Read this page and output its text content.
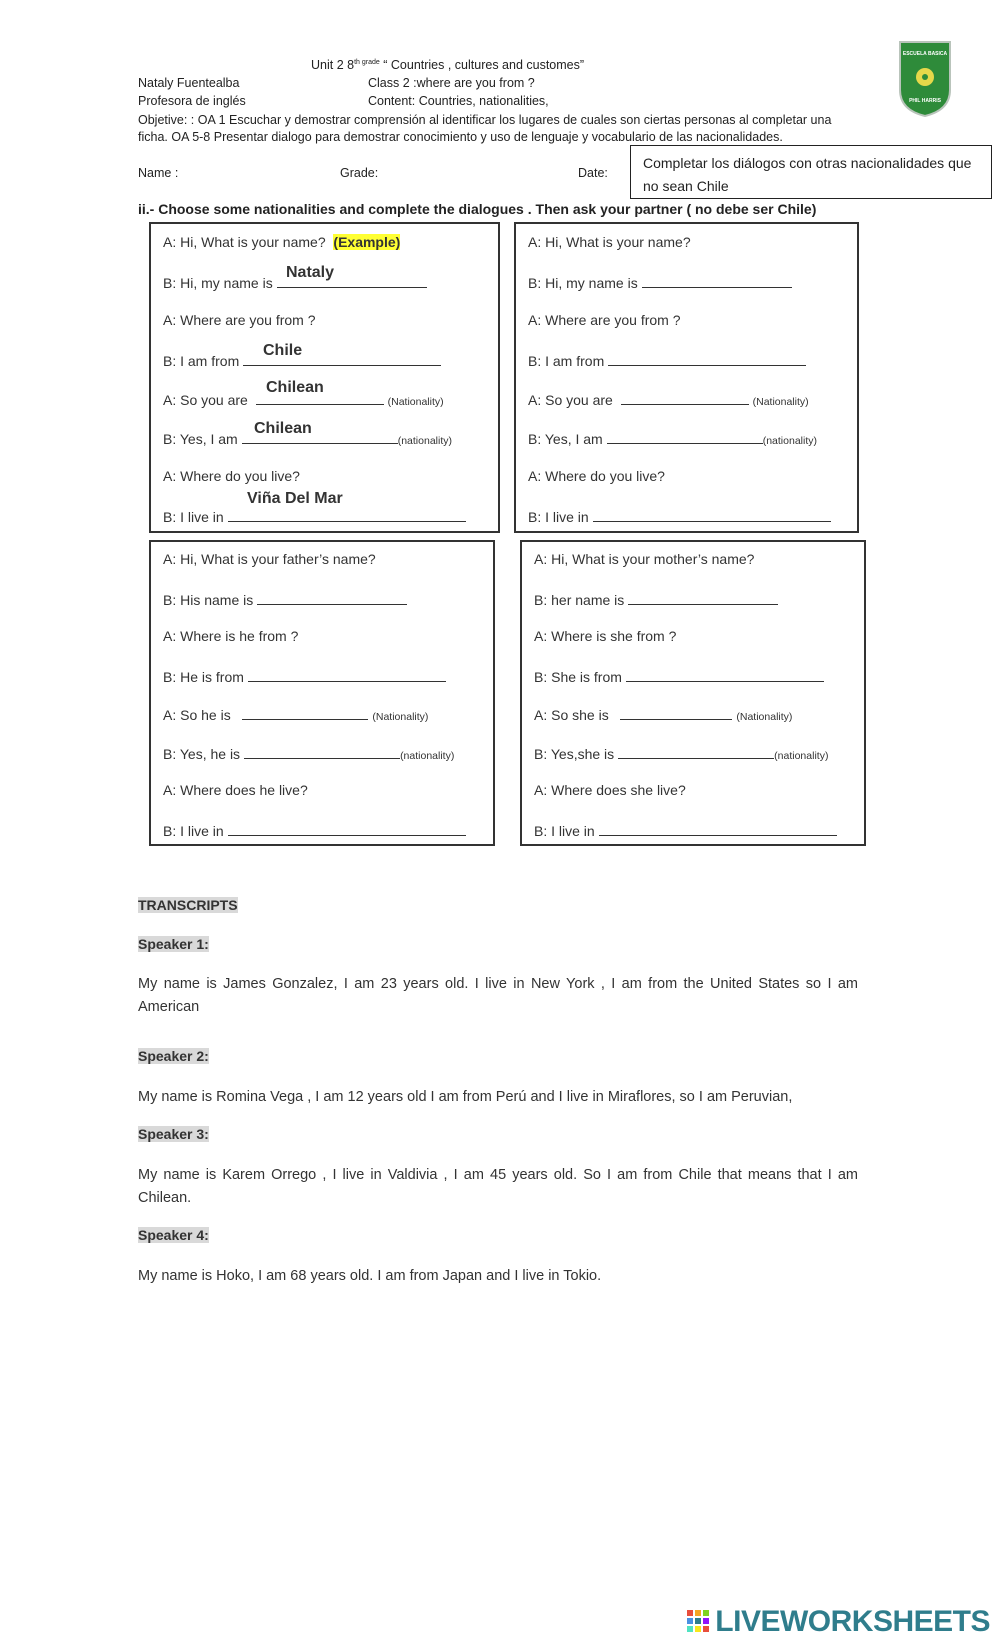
Unit 2 $8^{th grade}$ “ Countries , cultures and customes”
Nataly Fuentealba	Class 2 :where are you from ?
Profesora de inglés	Content: Countries, nationalities,
Objetive: : OA 1 Escuchar y demostrar comprensión al identificar los lugares de cuales son ciertas personas al completar una ficha. OA 5-8 Presentar dialogo para demostrar conocimiento y uso de lenguaje y vocabulario de las nacionalidades.
Name :	Grade:	Date:
ESCUELA BASICA
PHIL HARRIS
Completar los diálogos con otras nacionalidades que no sean Chile
ii.- Choose some nationalities and complete the dialogues . Then ask your partner ( no debe ser Chile)
A: Hi, What is your name? (Example)
B: Hi, my name is
Nataly
A: Where are you from ?
B: I am from
Chile
A: So you are	(Nationality)
Chilean
B: Yes, I am	(nationality)
Chilean
A: Where do you live?
B: I live in
Viña Del Mar
A: Hi, What is your name?
B: Hi, my name is
A: Where are you from ?
B: I am from
A: So you are	(Nationality)
B: Yes, I am	(nationality)
A: Where do you live?
B: I live in
A: Hi, What is your father’s name?
B: His name is
A: Where is he from ?
B: He is from
A: So he is	(Nationality)
B: Yes, he is	(nationality)
A: Where does he live?
B: I live in
A: Hi, What is your mother’s name?
B: her name is
A: Where is she from ?
B: She is from
A: So she is	(Nationality)
B: Yes,she is	(nationality)
A: Where does she live?
B: I live in
TRANSCRIPTS
Speaker 1:
My name is James Gonzalez, I am 23 years old. I live in New York , I am from the United States so I am American
Speaker 2:
My name is Romina Vega , I am 12 years old I am from Perú and I live in Miraflores, so I am Peruvian,
Speaker 3:
My name is Karem Orrego , I live in Valdivia , I am 45 years old. So I am from Chile that means that I am Chilean.
Speaker 4:
My name is Hoko, I am 68 years old. I am from Japan and I live in Tokio.
LIVEWORKSHEETS
